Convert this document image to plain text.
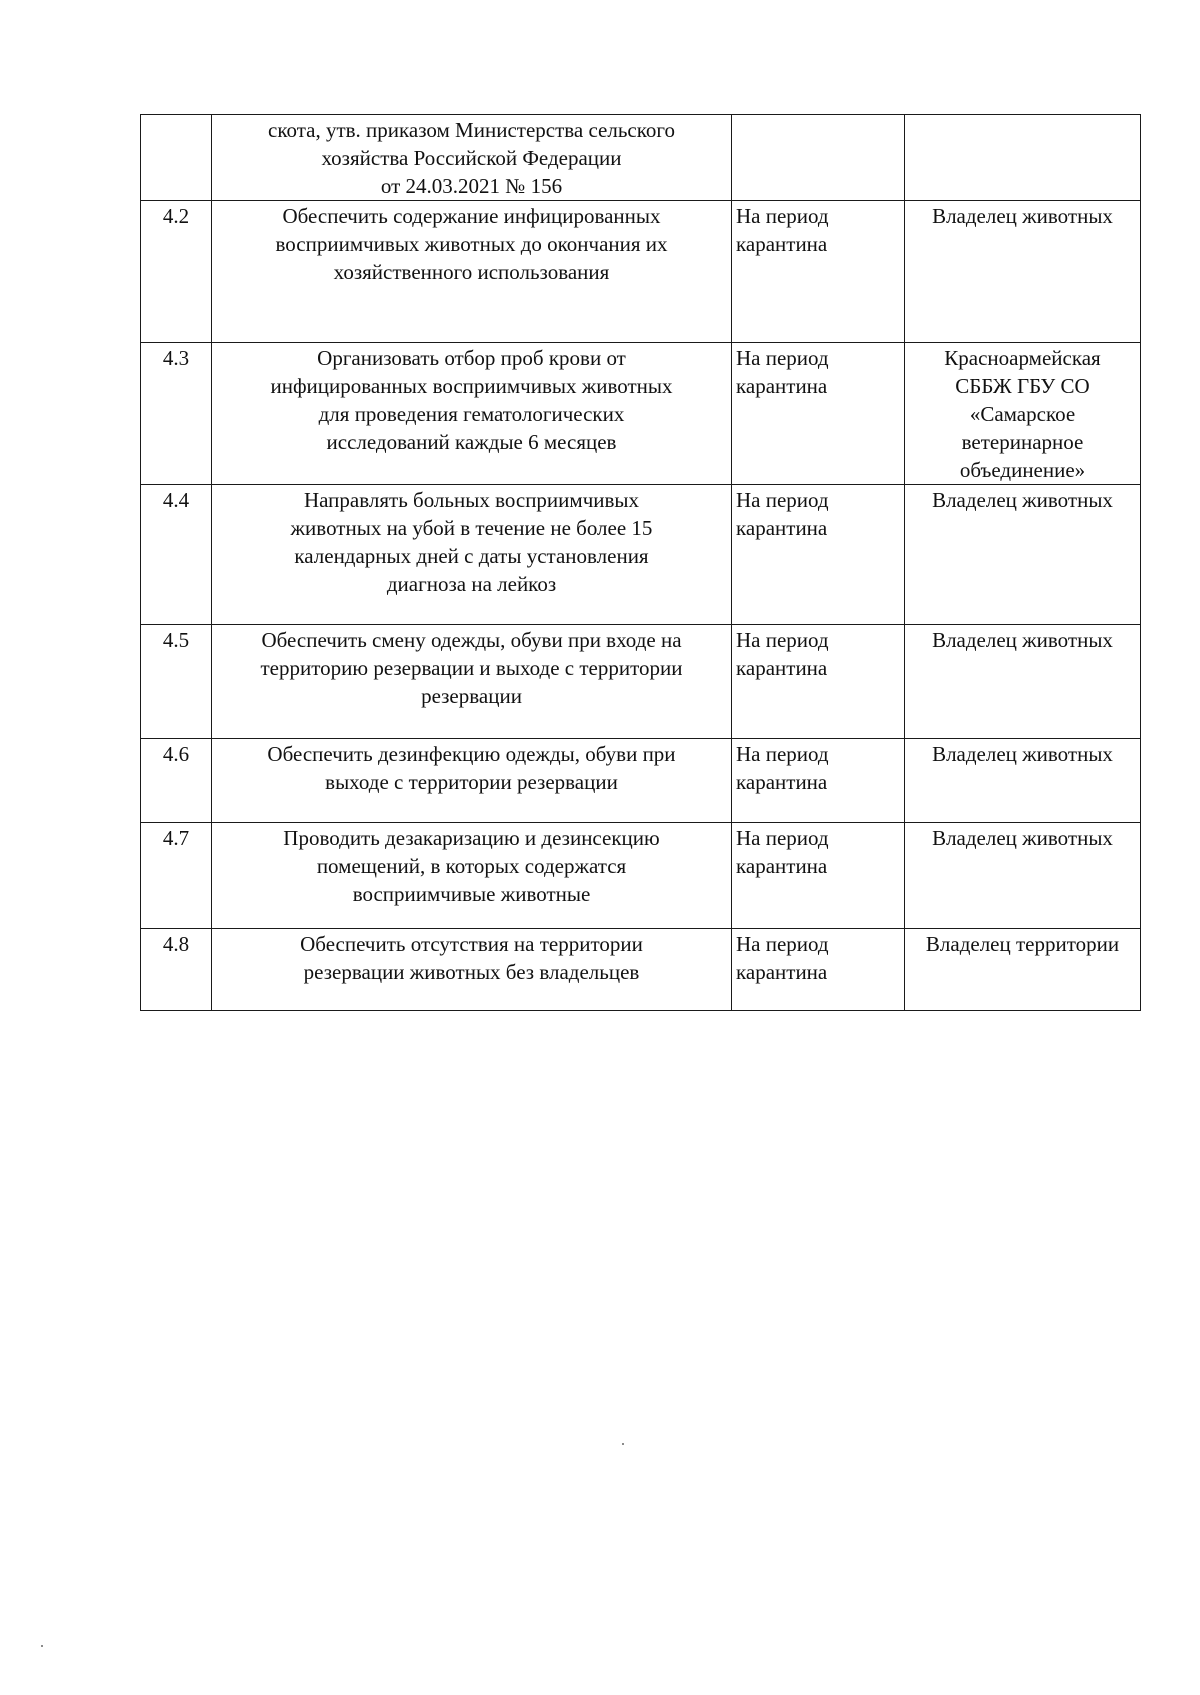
	скота, утв. приказом Министерства сельского
хозяйства Российской Федерации
от 24.03.2021 № 156		
4.2	Обеспечить содержание инфицированных
восприимчивых животных до окончания их
хозяйственного использования	На период
карантина	Владелец животных
4.3	Организовать отбор проб крови от
инфицированных восприимчивых животных
для проведения гематологических
исследований каждые 6 месяцев	На период
карантина	Красноармейская
СББЖ ГБУ СО
«Самарское
ветеринарное
объединение»
4.4	Направлять больных восприимчивых
животных на убой в течение не более 15
календарных дней с даты установления
диагноза на лейкоз	На период
карантина	Владелец животных
4.5	Обеспечить смену одежды, обуви при входе на
территорию резервации и выходе с территории
резервации	На период
карантина	Владелец животных
4.6	Обеспечить дезинфекцию одежды, обуви при
выходе с территории резервации	На период
карантина	Владелец животных
4.7	Проводить дезакаризацию и дезинсекцию
помещений, в которых содержатся
восприимчивые животные	На период
карантина	Владелец животных
4.8	Обеспечить отсутствия на территории
резервации животных без владельцев	На период
карантина	Владелец территории
